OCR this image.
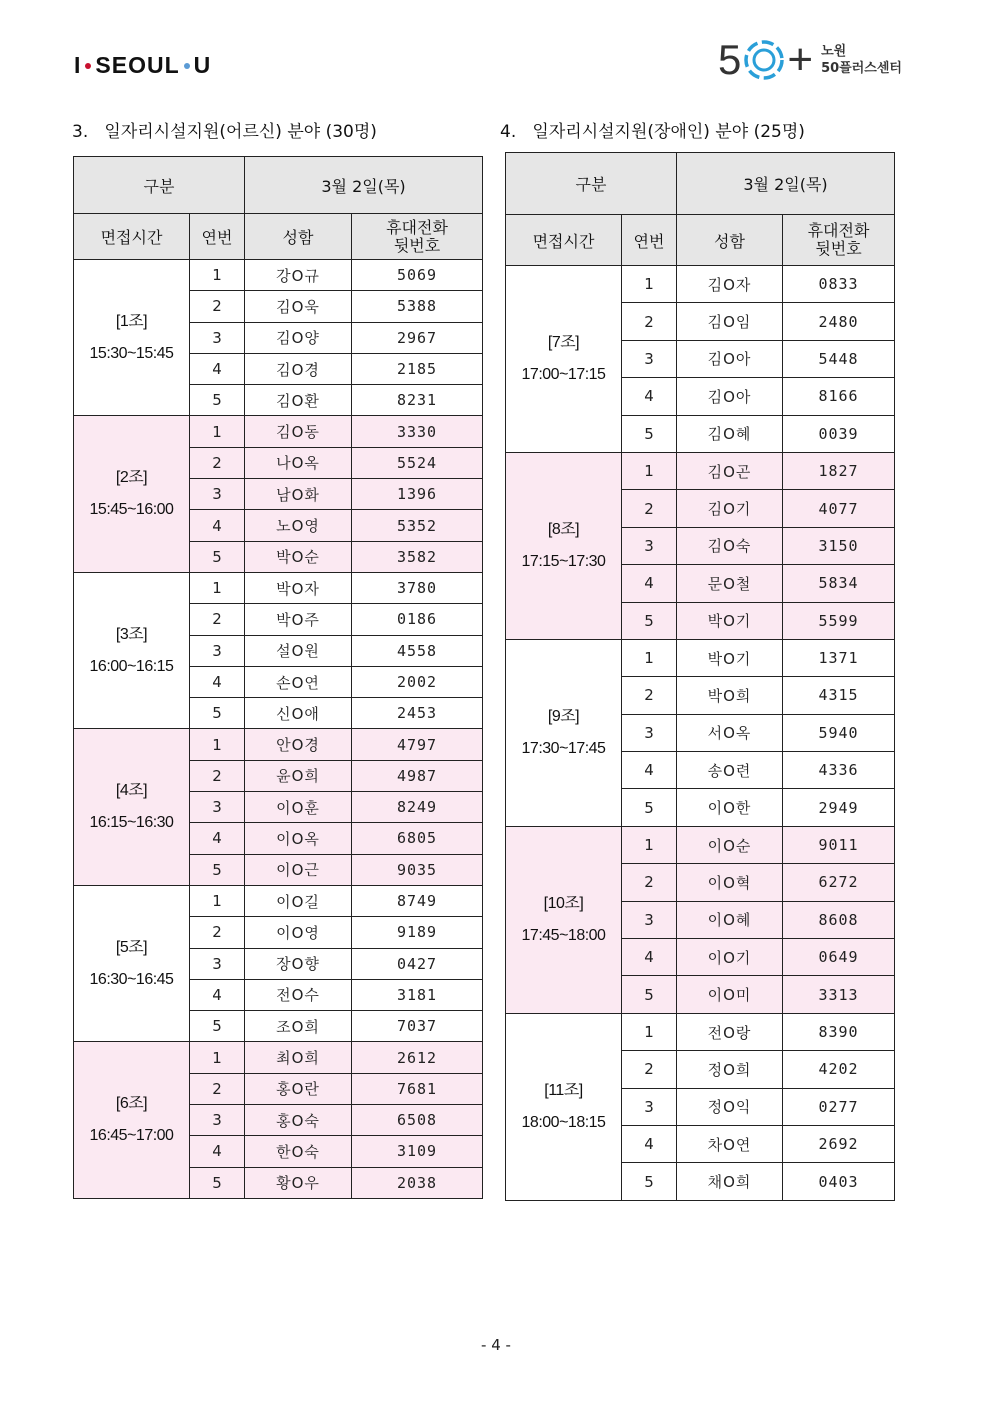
I SEOUL U	5 + 노원
50플러스센터
3.   일자리시설지원(어르신) 분야 (30명)
구분		3월 2일(목)	
면접시간	연번	성함	휴대전화
뒷번호

[1조]
15:30~15:45	1	강O규	5069
	2	김O욱	5388
	3	김O양	2967
	4	김O경	2185
	5	김O환	8231

[2조]
15:45~16:00	1	김O동	3330
	2	나O옥	5524
	3	남O화	1396
	4	노O영	5352
	5	박O순	3582

[3조]
16:00~16:15	1	박O자	3780
	2	박O주	0186
	3	설O원	4558
	4	손O연	2002
	5	신O애	2453

[4조]
16:15~16:30	1	안O경	4797
	2	윤O희	4987
	3	이O훈	8249
	4	이O옥	6805
	5	이O근	9035

[5조]
16:30~16:45	1	이O길	8749
	2	이O영	9189
	3	장O향	0427
	4	전O수	3181
	5	조O희	7037

[6조]
16:45~17:00	1	최O희	2612
	2	홍O란	7681
	3	홍O숙	6508
	4	한O숙	3109
	5	황O우	2038
4.   일자리시설지원(장애인) 분야 (25명)
구분		3월 2일(목)	
면접시간	연번	성함	휴대전화
뒷번호

[7조]
17:00~17:15	1	김O자	0833
	2	김O임	2480
	3	김O아	5448
	4	김O아	8166
	5	김O혜	0039

[8조]
17:15~17:30	1	김O곤	1827
	2	김O기	4077
	3	김O숙	3150
	4	문O철	5834
	5	박O기	5599

[9조]
17:30~17:45	1	박O기	1371
	2	박O희	4315
	3	서O옥	5940
	4	송O련	4336
	5	이O한	2949

[10조]
17:45~18:00	1	이O순	9011
	2	이O혁	6272
	3	이O혜	8608
	4	이O기	0649
	5	이O미	3313

[11조]
18:00~18:15	1	전O랑	8390
	2	정O희	4202
	3	정O익	0277
	4	차O연	2692
	5	채O희	0403
- 4 -
